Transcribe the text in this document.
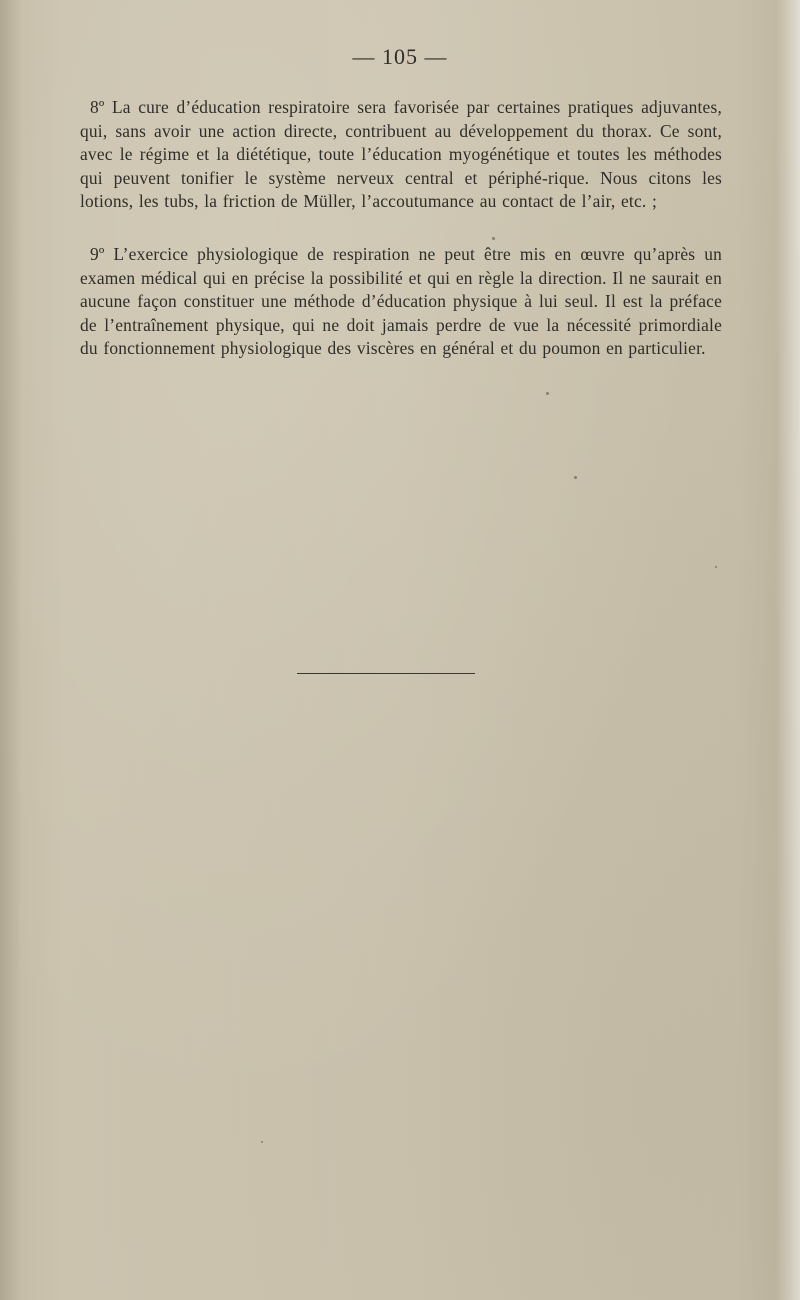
— 105 —

8º La cure d’éducation respiratoire sera favorisée par certaines pratiques adjuvantes, qui, sans avoir une action directe, contribuent au développement du thorax. Ce sont, avec le régime et la diététique, toute l’éducation myogénétique et toutes les méthodes qui peuvent tonifier le système nerveux central et périphé-rique. Nous citons les lotions, les tubs, la friction de Müller, l’accoutumance au contact de l’air, etc. ;

9º L’exercice physiologique de respiration ne peut être mis en œuvre qu’après un examen médical qui en précise la possibilité et qui en règle la direction. Il ne saurait en aucune façon constituer une méthode d’éducation physique à lui seul. Il est la préface de l’entraînement physique, qui ne doit jamais perdre de vue la nécessité primordiale du fonctionnement physiologique des viscères en général et du poumon en particulier.
